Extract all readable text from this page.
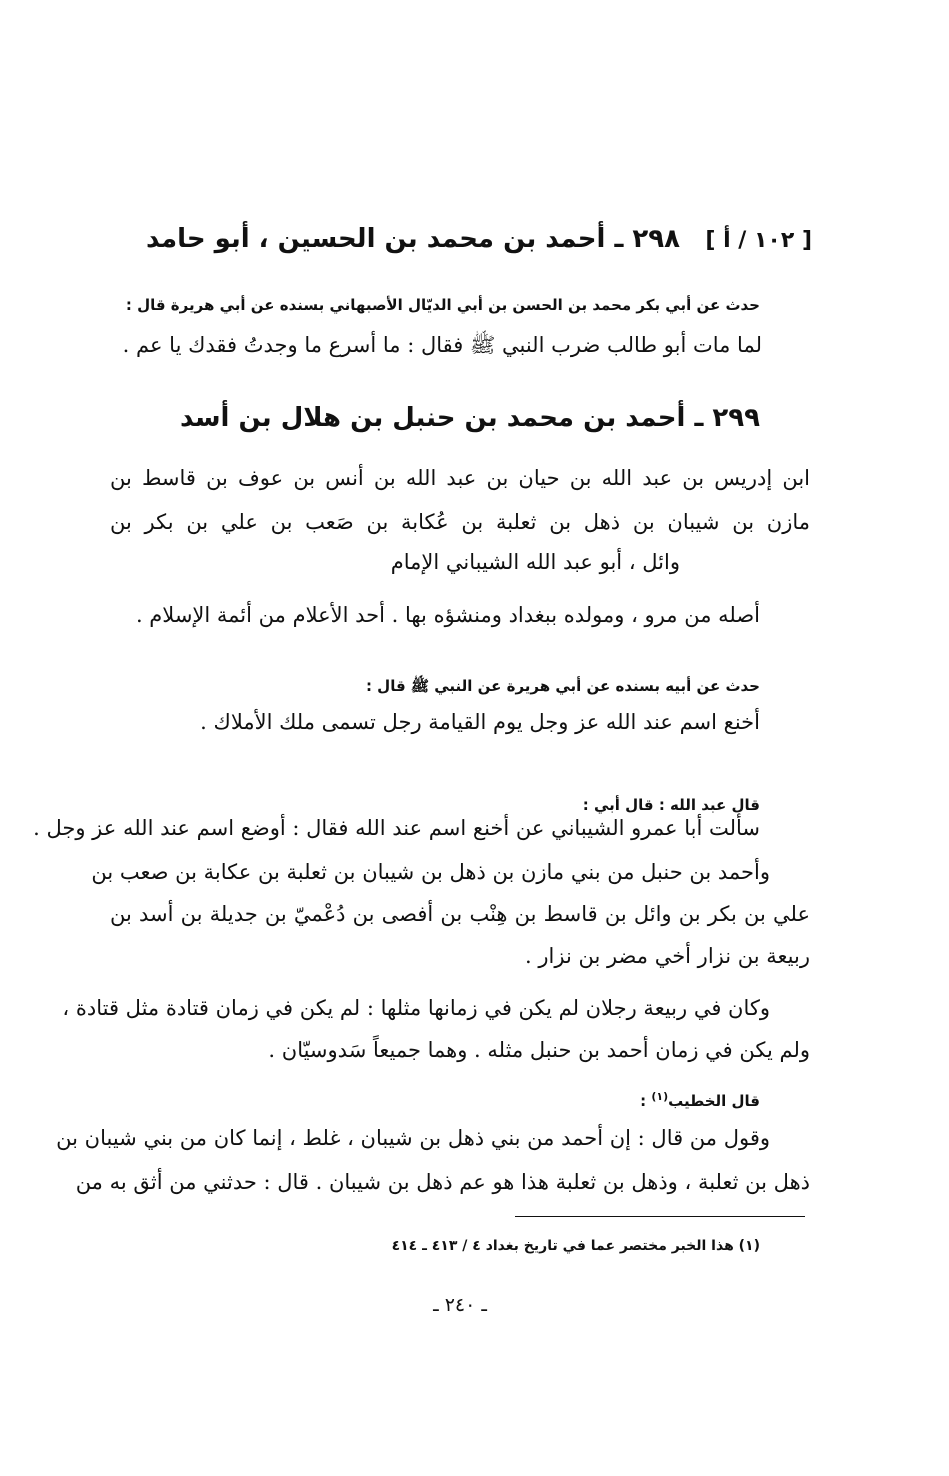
[ ١٠٢ / أ ]
٢٩٨ ـ أحمد بن محمد بن الحسين ، أبو حامد
حدث عن أبي بكر محمد بن الحسن بن أبي الديّال الأصبهاني بسنده عن أبي هريرة قال :
لما مات أبو طالب ضرب النبي ﷺ فقال : ما أسرع ما وجدتُ فقدك يا عم .
٢٩٩ ـ أحمد بن محمد بن حنبل بن هلال بن أسد
ابن إدريس بن عبد الله بن حيان بن عبد الله بن أنس بن عوف بن قاسط بن
مازن بن شيبان بن ذهل بن ثعلبة بن عُكابة بن صَعب بن علي بن بكر بن
وائل ، أبو عبد الله الشيباني الإمام
أصله من مرو ، ومولده ببغداد ومنشؤه بها . أحد الأعلام من أئمة الإسلام .
حدث عن أبيه بسنده عن أبي هريرة عن النبي ﷺ قال :
أخنع اسم عند الله عز وجل يوم القيامة رجل تسمى ملك الأملاك .
قال عبد الله : قال أبي :
سألت أبا عمرو الشيباني عن أخنع اسم عند الله فقال : أوضع اسم عند الله عز وجل .
وأحمد بن حنبل من بني مازن بن ذهل بن شيبان بن ثعلبة بن عكابة بن صعب بن
علي بن بكر بن وائل بن قاسط بن هِنْب بن أفصى بن دُعْميّ بن جديلة بن أسد بن
ربيعة بن نزار أخي مضر بن نزار .
وكان في ربيعة رجلان لم يكن في زمانها مثلها : لم يكن في زمان قتادة مثل قتادة ،
ولم يكن في زمان أحمد بن حنبل مثله . وهما جميعاً سَدوسيّان .
قال الخطيب$^{(١)}$ :
وقول من قال : إن أحمد من بني ذهل بن شيبان ، غلط ، إنما كان من بني شيبان بن
ذهل بن ثعلبة ، وذهل بن ثعلبة هذا هو عم ذهل بن شيبان . قال : حدثني من أثق به من
(١) هذا الخبر مختصر عما في تاريخ بغداد ٤ / ٤١٣ ـ ٤١٤
ـ ٢٤٠ ـ
